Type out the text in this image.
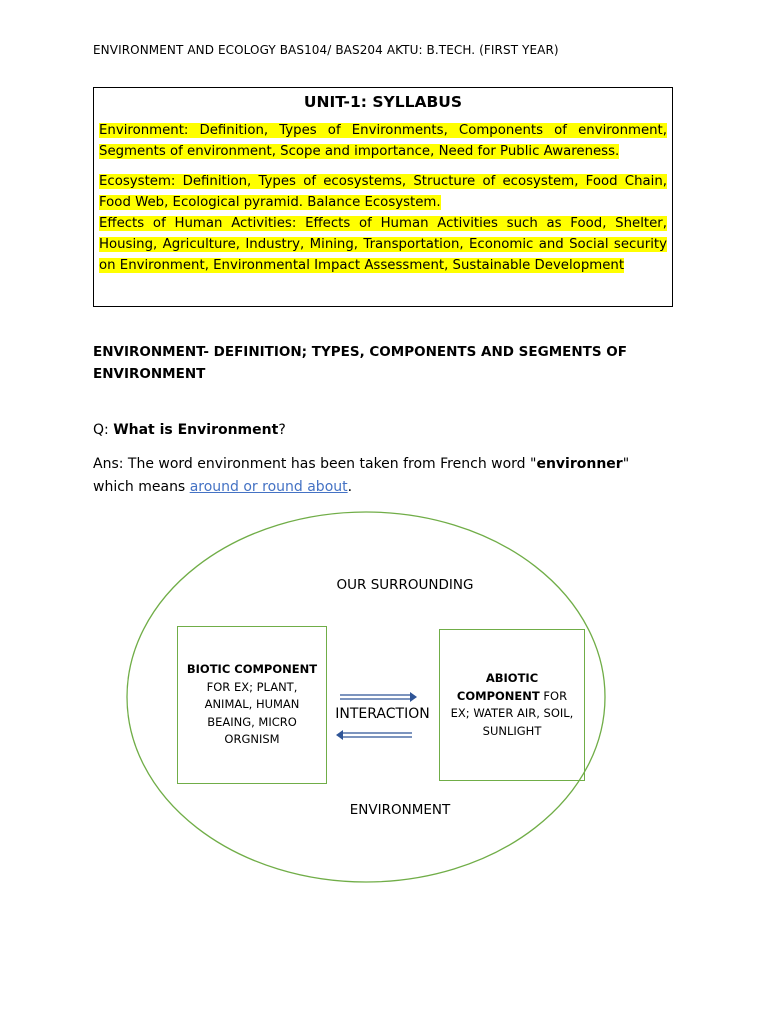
ENVIRONMENT AND ECOLOGY BAS104/ BAS204 AKTU: B.TECH. (FIRST YEAR)
UNIT-1: SYLLABUS

Environment: Definition, Types of Environments, Components of environment, Segments of environment, Scope and importance, Need for Public Awareness.

Ecosystem: Definition, Types of ecosystems, Structure of ecosystem, Food Chain, Food Web, Ecological pyramid. Balance Ecosystem.

Effects of Human Activities: Effects of Human Activities such as Food, Shelter, Housing, Agriculture, Industry, Mining, Transportation, Economic and Social security on Environment, Environmental Impact Assessment, Sustainable Development

ENVIRONMENT- DEFINITION; TYPES, COMPONENTS AND SEGMENTS OF ENVIRONMENT
Q: What is Environment?
Ans: The word environment has been taken from French word "environner" which means around or round about.
OUR SURROUNDING
BIOTIC COMPONENT
FOR EX; PLANT, ANIMAL, HUMAN BEAING, MICRO ORGNISM
ABIOTIC COMPONENT FOR EX; WATER AIR, SOIL, SUNLIGHT
INTERACTION
ENVIRONMENT
